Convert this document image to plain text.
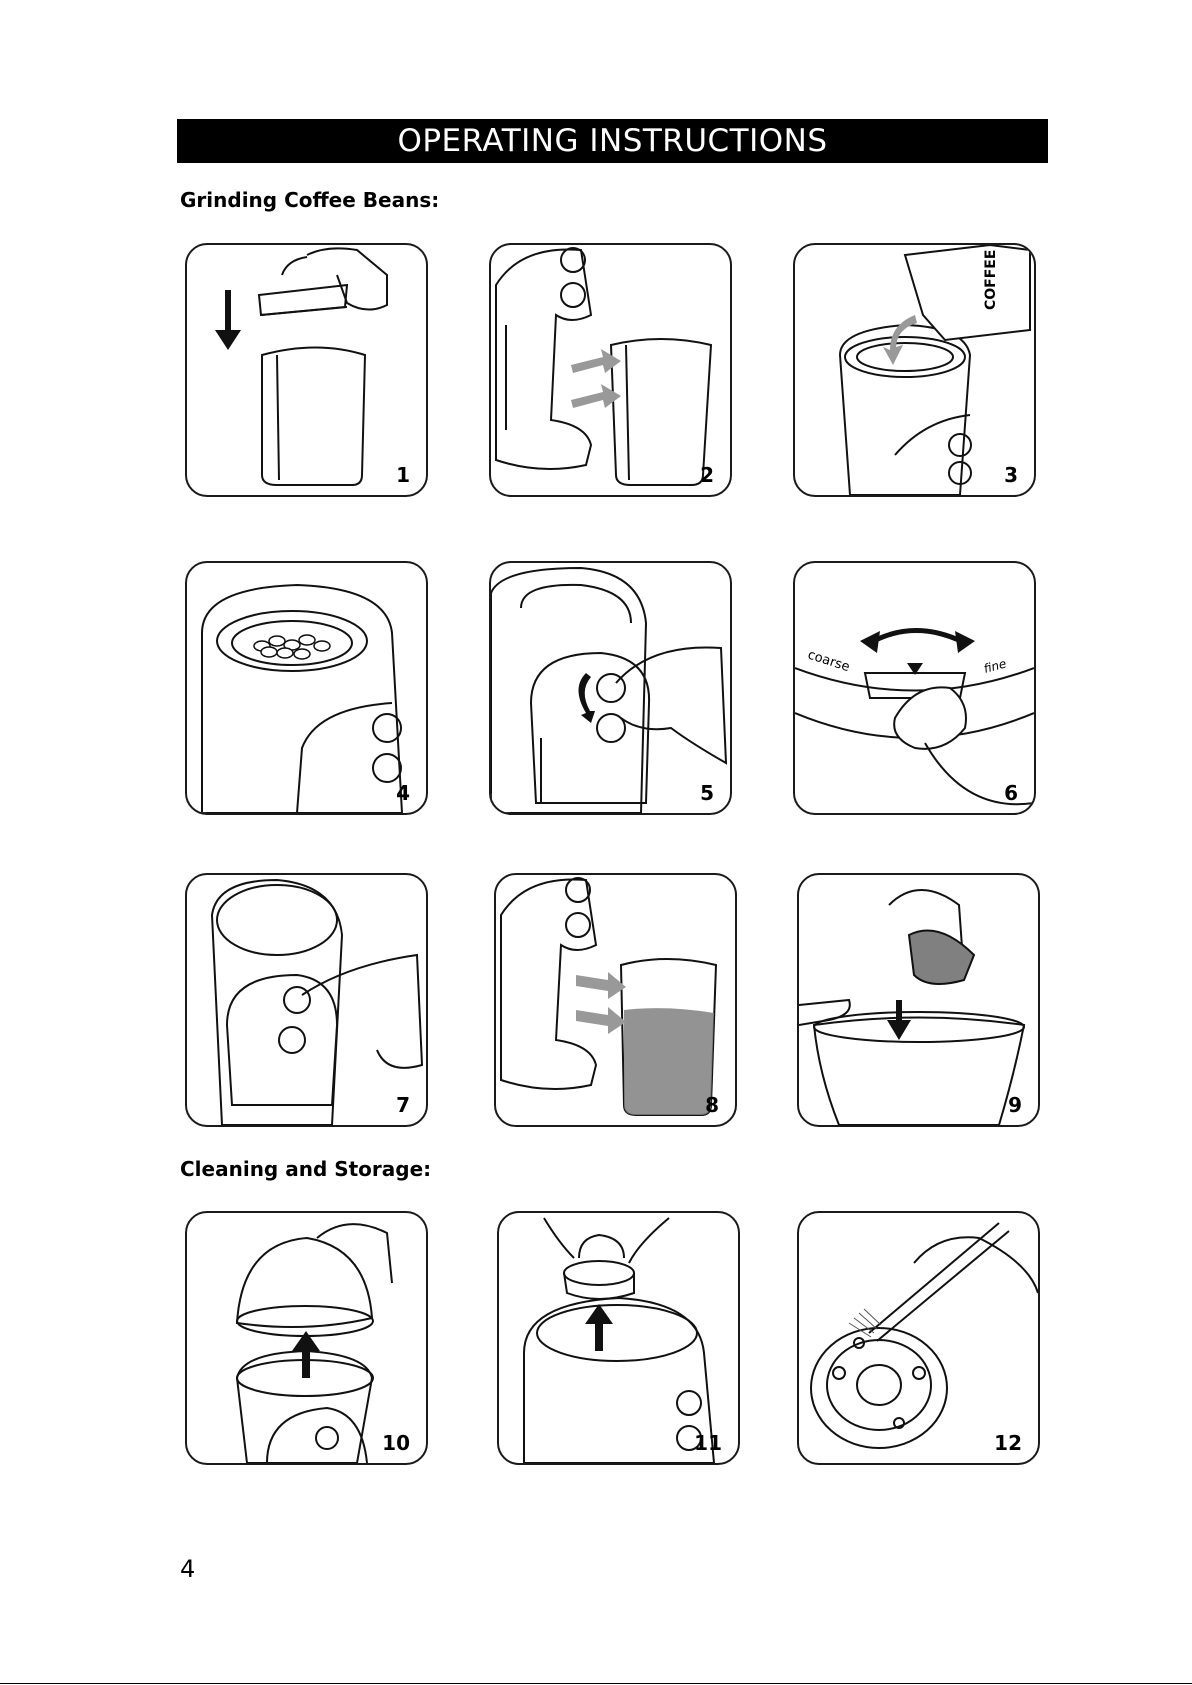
OPERATING INSTRUCTIONS
Grinding Coffee Beans:
1	2
COFFEE
3
4	5
coarse	fine
6
7	8	9
Cleaning and Storage:
10	11	12
4
